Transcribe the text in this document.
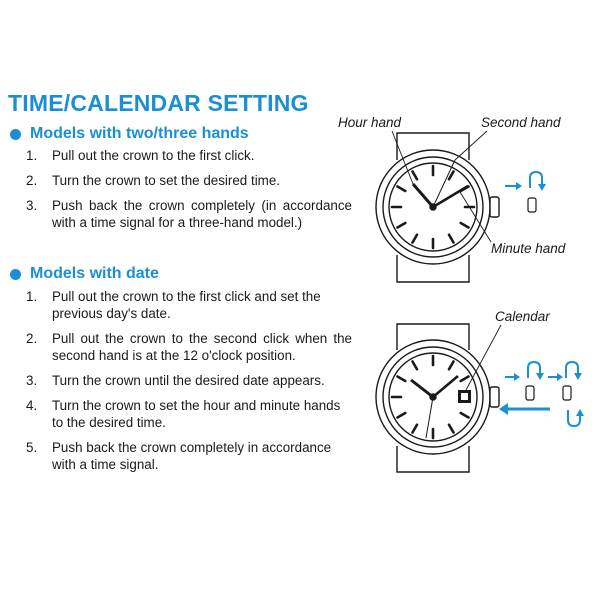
TIME/CALENDAR SETTING
Models with two/three hands
1.	Pull out the crown to the first click.
2.	Turn the crown to set the desired time.
3.	Push back the crown completely (in accordance with a time signal for a three-hand model.)
Models with date
1.	Pull out the crown to the first click and set the previous day's date.
2.	Pull out the crown to the second click when the second hand is at the 12 o'clock position.
3.	Turn the crown until the desired date appears.
4.	Turn the crown to set the hour and minute hands to the desired time.
5.	Push back the crown completely in accordance with a time signal.
Hour hand	Second hand
Minute hand
Calendar
